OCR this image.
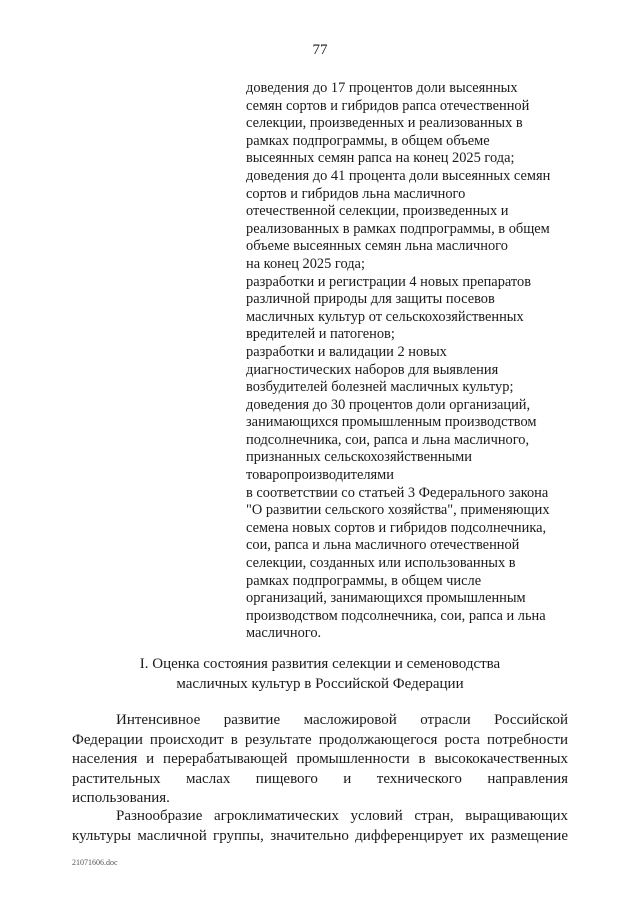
77
доведения до 17 процентов доли высеянных
семян сортов и гибридов рапса отечественной
селекции, произведенных и реализованных в
рамках подпрограммы, в общем объеме
высеянных семян рапса на конец 2025 года;
доведения до 41 процента доли высеянных семян
сортов и гибридов льна масличного
отечественной селекции, произведенных и
реализованных в рамках подпрограммы, в общем
объеме высеянных семян льна масличного
на конец 2025 года;
разработки и регистрации 4 новых препаратов
различной природы для защиты посевов
масличных культур от сельскохозяйственных
вредителей и патогенов;
разработки и валидации 2 новых
диагностических наборов для выявления
возбудителей болезней масличных культур;
доведения до 30 процентов доли организаций,
занимающихся промышленным производством
подсолнечника, сои, рапса и льна масличного,
признанных сельскохозяйственными
товаропроизводителями
в соответствии со статьей 3 Федерального закона
"О развитии сельского хозяйства", применяющих
семена новых сортов и гибридов подсолнечника,
сои, рапса и льна масличного отечественной
селекции, созданных или использованных в
рамках подпрограммы, в общем числе
организаций, занимающихся промышленным
производством подсолнечника, сои, рапса и льна
масличного.
I. Оценка состояния развития селекции и семеноводства
масличных культур в Российской Федерации
Интенсивное развитие масложировой отрасли Российской
Федерации происходит в результате продолжающегося роста потребности
населения и перерабатывающей промышленности в высококачественных
растительных маслах пищевого и технического направления
использования.
Разнообразие агроклиматических условий стран, выращивающих
культуры масличной группы, значительно дифференцирует их размещение
21071606.doc
